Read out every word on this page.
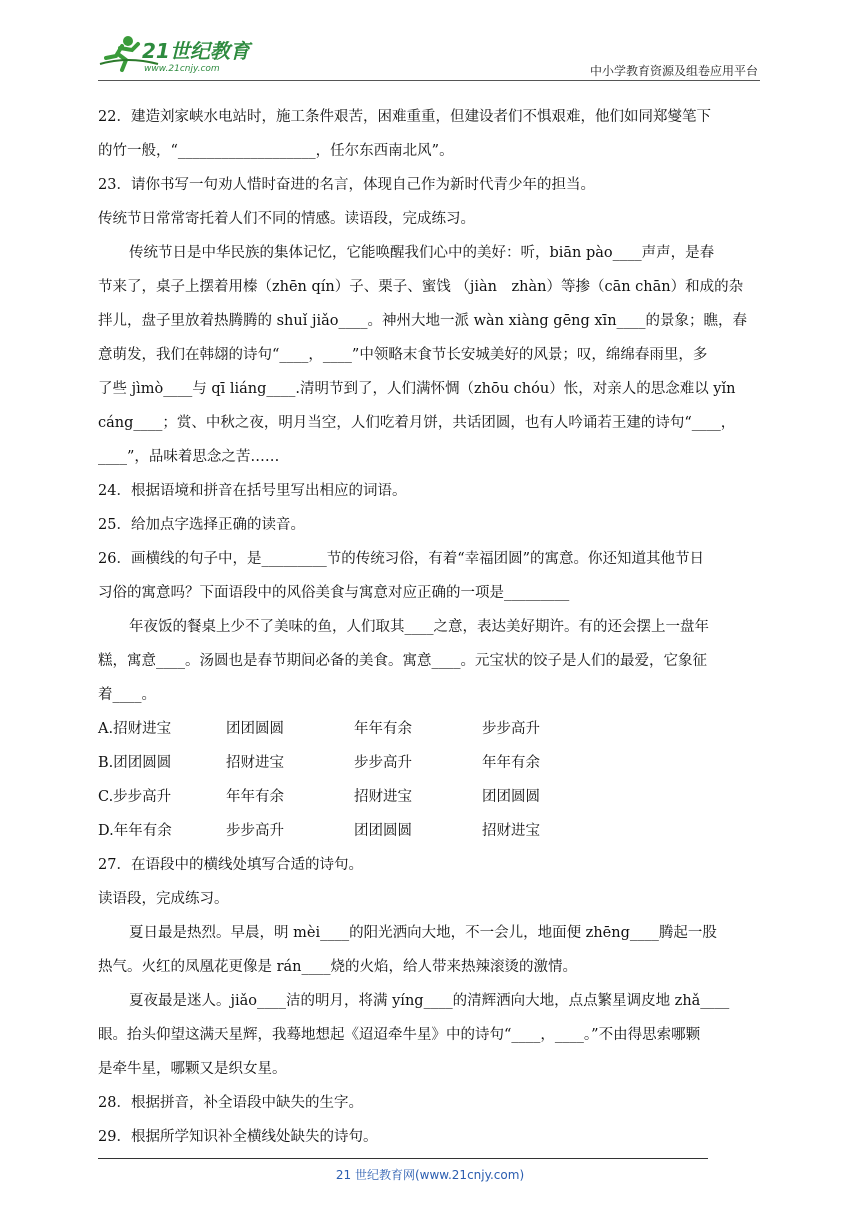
21世纪教育
www.21cnjy.com	中小学教育资源及组卷应用平台
22．建造刘家峡水电站时，施工条件艰苦，困难重重，但建设者们不惧艰难，他们如同郑燮笔下
的竹一般，“___________________，任尔东西南北风”。
23．请你书写一句劝人惜时奋进的名言，体现自己作为新时代青少年的担当。
传统节日常常寄托着人们不同的情感。读语段，完成练习。
传统节日是中华民族的集体记忆，它能唤醒我们心中的美好：听，biān pào____声声，是春
节来了，桌子上摆着用榛（zhēn qín）子、栗子、蜜饯 （jiàn　zhàn）等掺（cān chān）和成的杂
拌儿，盘子里放着热腾腾的 shuǐ jiǎo____。神州大地一派 wàn xiàng gēng xīn____的景象；瞧，春
意萌发，我们在韩翃的诗句“____，____”中领略末食节长安城美好的风景；叹，绵绵春雨里，多
了些 jìmò____与 qī liáng____.清明节到了，人们满怀惆（zhōu chóu）怅，对亲人的思念难以 yǐn
cáng____；赏、中秋之夜，明月当空，人们吃着月饼，共话团圆，也有人吟诵若王建的诗句“____，
____”，品味着思念之苦……
24．根据语境和拼音在括号里写出相应的词语。
25．给加点字选择正确的读音。
26．画横线的句子中，是_________节的传统习俗，有着“幸福团圆”的寓意。你还知道其他节日
习俗的寓意吗？下面语段中的风俗美食与寓意对应正确的一项是_________
年夜饭的餐桌上少不了美味的鱼，人们取其____之意，表达美好期许。有的还会摆上一盘年
糕，寓意____。汤圆也是春节期间必备的美食。寓意____。元宝状的饺子是人们的最爱，它象征
着____。
A.招财进宝	团团圆圆	年年有余	步步高升
B.团团圆圆	招财进宝	步步高升	年年有余
C.步步高升	年年有余	招财进宝	团团圆圆
D.年年有余	步步高升	团团圆圆	招财进宝
27．在语段中的横线处填写合适的诗句。
读语段，完成练习。
夏日最是热烈。早晨，明 mèi____的阳光洒向大地，不一会儿，地面便 zhēng____腾起一股
热气。火红的凤凰花更像是 rán____烧的火焰，给人带来热辣滚烫的激情。
夏夜最是迷人。jiǎo____洁的明月，将满 yíng____的清辉洒向大地，点点繁星调皮地 zhǎ____
眼。抬头仰望这满天星辉，我蓦地想起《迢迢牵牛星》中的诗句“____，____。”不由得思索哪颗
是牵牛星，哪颗又是织女星。
28．根据拼音，补全语段中缺失的生字。
29．根据所学知识补全横线处缺失的诗句。
21 世纪教育网(www.21cnjy.com)
